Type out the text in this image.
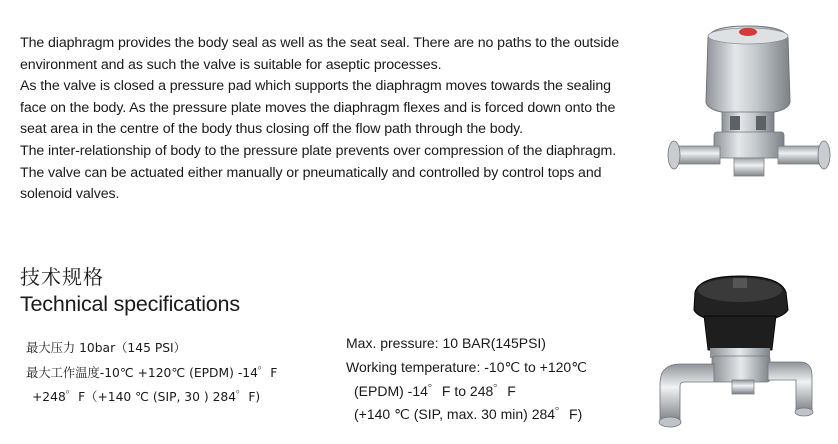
The diaphragm provides the body seal as well as the seat seal. There are no paths to the outside
environment and as such the valve is suitable for aseptic processes.
As the valve is closed a pressure pad which supports the diaphragm moves towards the sealing
face on the body. As the pressure plate moves the diaphragm flexes and is forced down onto the
seat area in the centre of the body thus closing off the flow path through the body.
The inter-relationship of body to the pressure plate prevents over compression of the diaphragm.
The valve can be actuated either manually or pneumatically and controlled by control tops and
solenoid valves.
技术规格
Technical specifications
最大压力 10bar（145 PSI）
最大工作温度-10℃ +120℃ (EPDM) -14゜F
+248゜F（+140 ℃ (SIP, 30 ) 284゜F)
Max. pressure: 10 BAR(145PSI)
Working temperature: -10℃ to +120℃
(EPDM) -14゜F to 248゜F
(+140 ℃ (SIP, max. 30 min) 284゜F)
